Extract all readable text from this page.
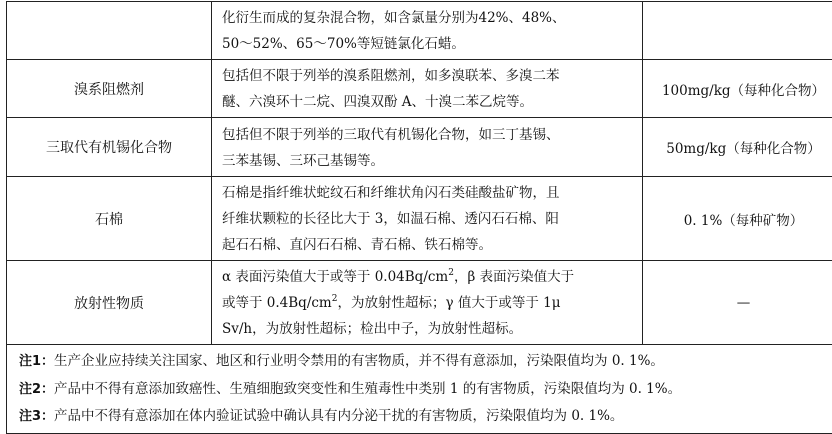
	化衍生而成的复杂混合物，如含氯量分别为42%、48%、
50～52%、65～70%等短链氯化石蜡。	

溴系阻燃剂	包括但不限于列举的溴系阻燃剂，如多溴联苯、多溴二苯
醚、六溴环十二烷、四溴双酚 A、十溴二苯乙烷等。	100mg/kg（每种化合物）
三取代有机锡化合物	包括但不限于列举的三取代有机锡化合物，如三丁基锡、
三苯基锡、三环己基锡等。	50mg/kg（每种化合物）
石棉	石棉是指纤维状蛇纹石和纤维状角闪石类硅酸盐矿物，且
纤维状颗粒的长径比大于 3，如温石棉、透闪石石棉、阳
起石石棉、直闪石石棉、青石棉、铁石棉等。	0. 1%（每种矿物）
放射性物质	α 表面污染值大于或等于 $0.04Bq/cm^2$，β 表面污染值大于
或等于 $0.4Bq/cm^2$，为放射性超标；γ 值大于或等于 1μ
Sv/h，为放射性超标；检出中子，为放射性超标。	—

注1：生产企业应持续关注国家、地区和行业明令禁用的有害物质，并不得有意添加，污染限值均为 0. 1%。
注2：产品中不得有意添加致癌性、生殖细胞致突变性和生殖毒性中类别 1 的有害物质，污染限值均为 0. 1%。
注3：产品中不得有意添加在体内验证试验中确认具有内分泌干扰的有害物质，污染限值均为 0. 1%。		
